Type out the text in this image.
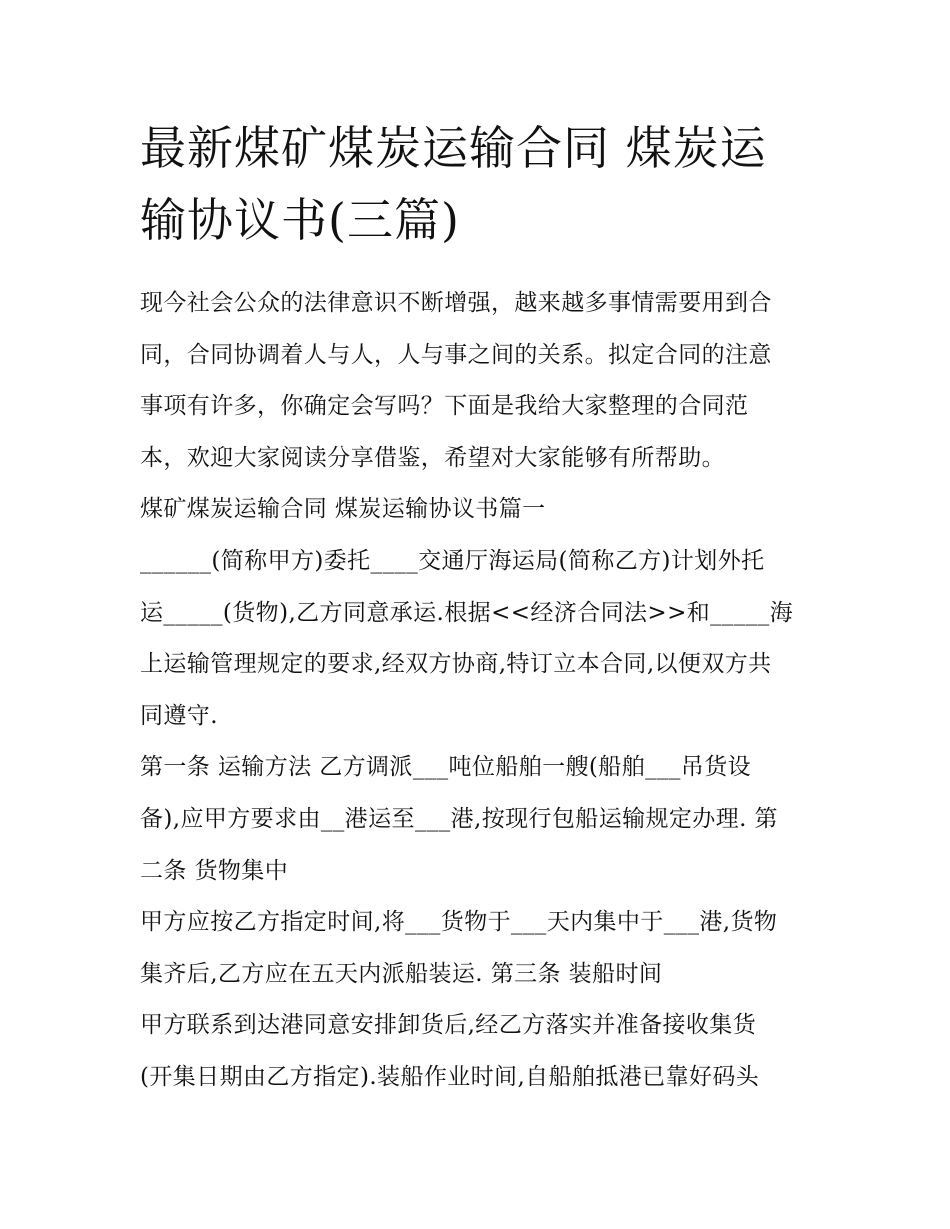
最新煤矿煤炭运输合同 煤炭运
输协议书(三篇)
现今社会公众的法律意识不断增强，越来越多事情需要用到合
同，合同协调着人与人，人与事之间的关系。拟定合同的注意
事项有许多，你确定会写吗？下面是我给大家整理的合同范
本，欢迎大家阅读分享借鉴，希望对大家能够有所帮助。
煤矿煤炭运输合同 煤炭运输协议书篇一
______(简称甲方)委托____交通厅海运局(简称乙方)计划外托
运_____(货物),乙方同意承运.根据<<经济合同法>>和_____海
上运输管理规定的要求,经双方协商,特订立本合同,以便双方共
同遵守.
第一条 运输方法 乙方调派___吨位船舶一艘(船舶___吊货设
备),应甲方要求由__港运至___港,按现行包船运输规定办理. 第
二条 货物集中
甲方应按乙方指定时间,将___货物于___天内集中于___港,货物
集齐后,乙方应在五天内派船装运. 第三条 装船时间
甲方联系到达港同意安排卸货后,经乙方落实并准备接收集货
(开集日期由乙方指定).装船作业时间,自船舶抵港已靠好码头
